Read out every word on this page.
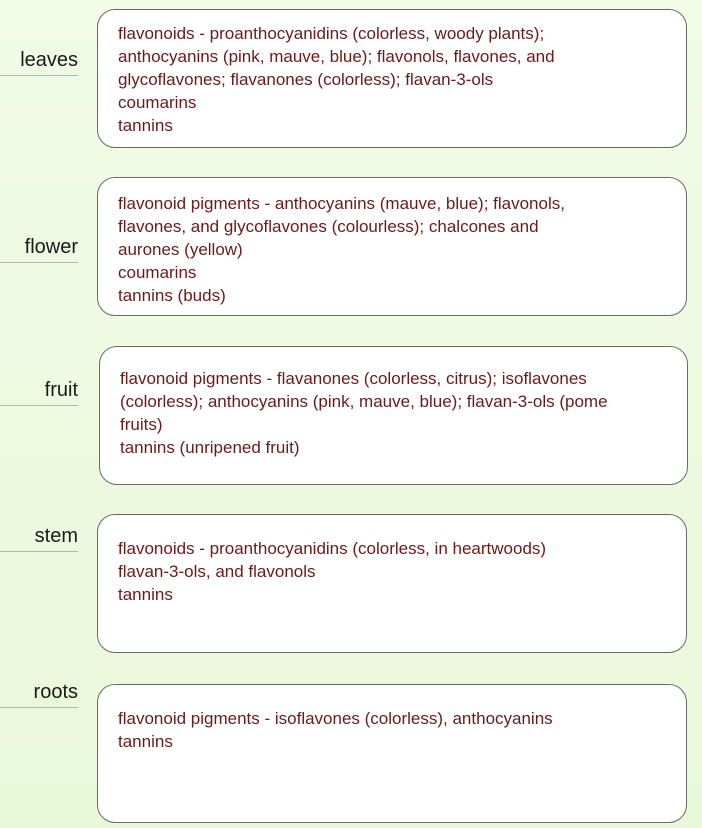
leaves
flavonoids - proanthocyanidins (colorless, woody plants);
anthocyanins (pink, mauve, blue); flavonols, flavones, and
glycoflavones; flavanones (colorless); flavan-3-ols
coumarins
tannins
flower
flavonoid pigments - anthocyanins (mauve, blue); flavonols,
flavones, and glycoflavones (colourless); chalcones and
aurones (yellow)
coumarins
tannins (buds)
fruit
flavonoid pigments - flavanones (colorless, citrus); isoflavones
(colorless); anthocyanins (pink, mauve, blue); flavan-3-ols (pome
fruits)
tannins (unripened fruit)
stem
flavonoids - proanthocyanidins (colorless, in heartwoods)
flavan-3-ols, and flavonols
tannins
roots
flavonoid pigments - isoflavones (colorless), anthocyanins
tannins
